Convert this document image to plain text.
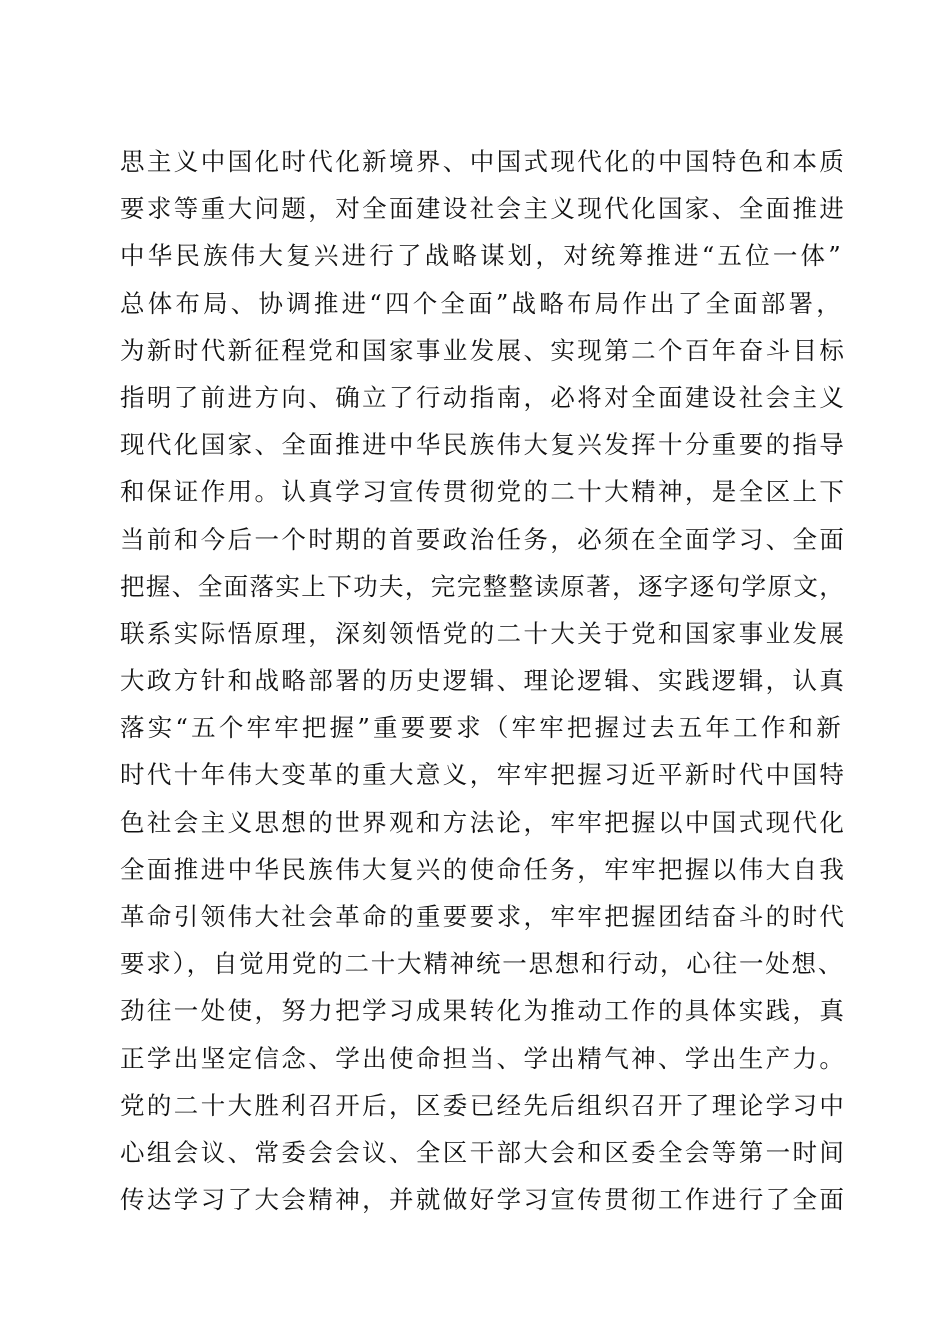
思主义中国化时代化新境界、中国式现代化的中国特色和本质
要求等重大问题，对全面建设社会主义现代化国家、全面推进
中华民族伟大复兴进行了战略谋划，对统筹推进“五位一体”
总体布局、协调推进“四个全面”战略布局作出了全面部署，
为新时代新征程党和国家事业发展、实现第二个百年奋斗目标
指明了前进方向、确立了行动指南，必将对全面建设社会主义
现代化国家、全面推进中华民族伟大复兴发挥十分重要的指导
和保证作用。认真学习宣传贯彻党的二十大精神，是全区上下
当前和今后一个时期的首要政治任务，必须在全面学习、全面
把握、全面落实上下功夫，完完整整读原著，逐字逐句学原文，
联系实际悟原理，深刻领悟党的二十大关于党和国家事业发展
大政方针和战略部署的历史逻辑、理论逻辑、实践逻辑，认真
落实“五个牢牢把握”重要要求（牢牢把握过去五年工作和新
时代十年伟大变革的重大意义，牢牢把握习近平新时代中国特
色社会主义思想的世界观和方法论，牢牢把握以中国式现代化
全面推进中华民族伟大复兴的使命任务，牢牢把握以伟大自我
革命引领伟大社会革命的重要要求，牢牢把握团结奋斗的时代
要求），自觉用党的二十大精神统一思想和行动，心往一处想、
劲往一处使，努力把学习成果转化为推动工作的具体实践，真
正学出坚定信念、学出使命担当、学出精气神、学出生产力。
党的二十大胜利召开后，区委已经先后组织召开了理论学习中
心组会议、常委会会议、全区干部大会和区委全会等第一时间
传达学习了大会精神，并就做好学习宣传贯彻工作进行了全面
